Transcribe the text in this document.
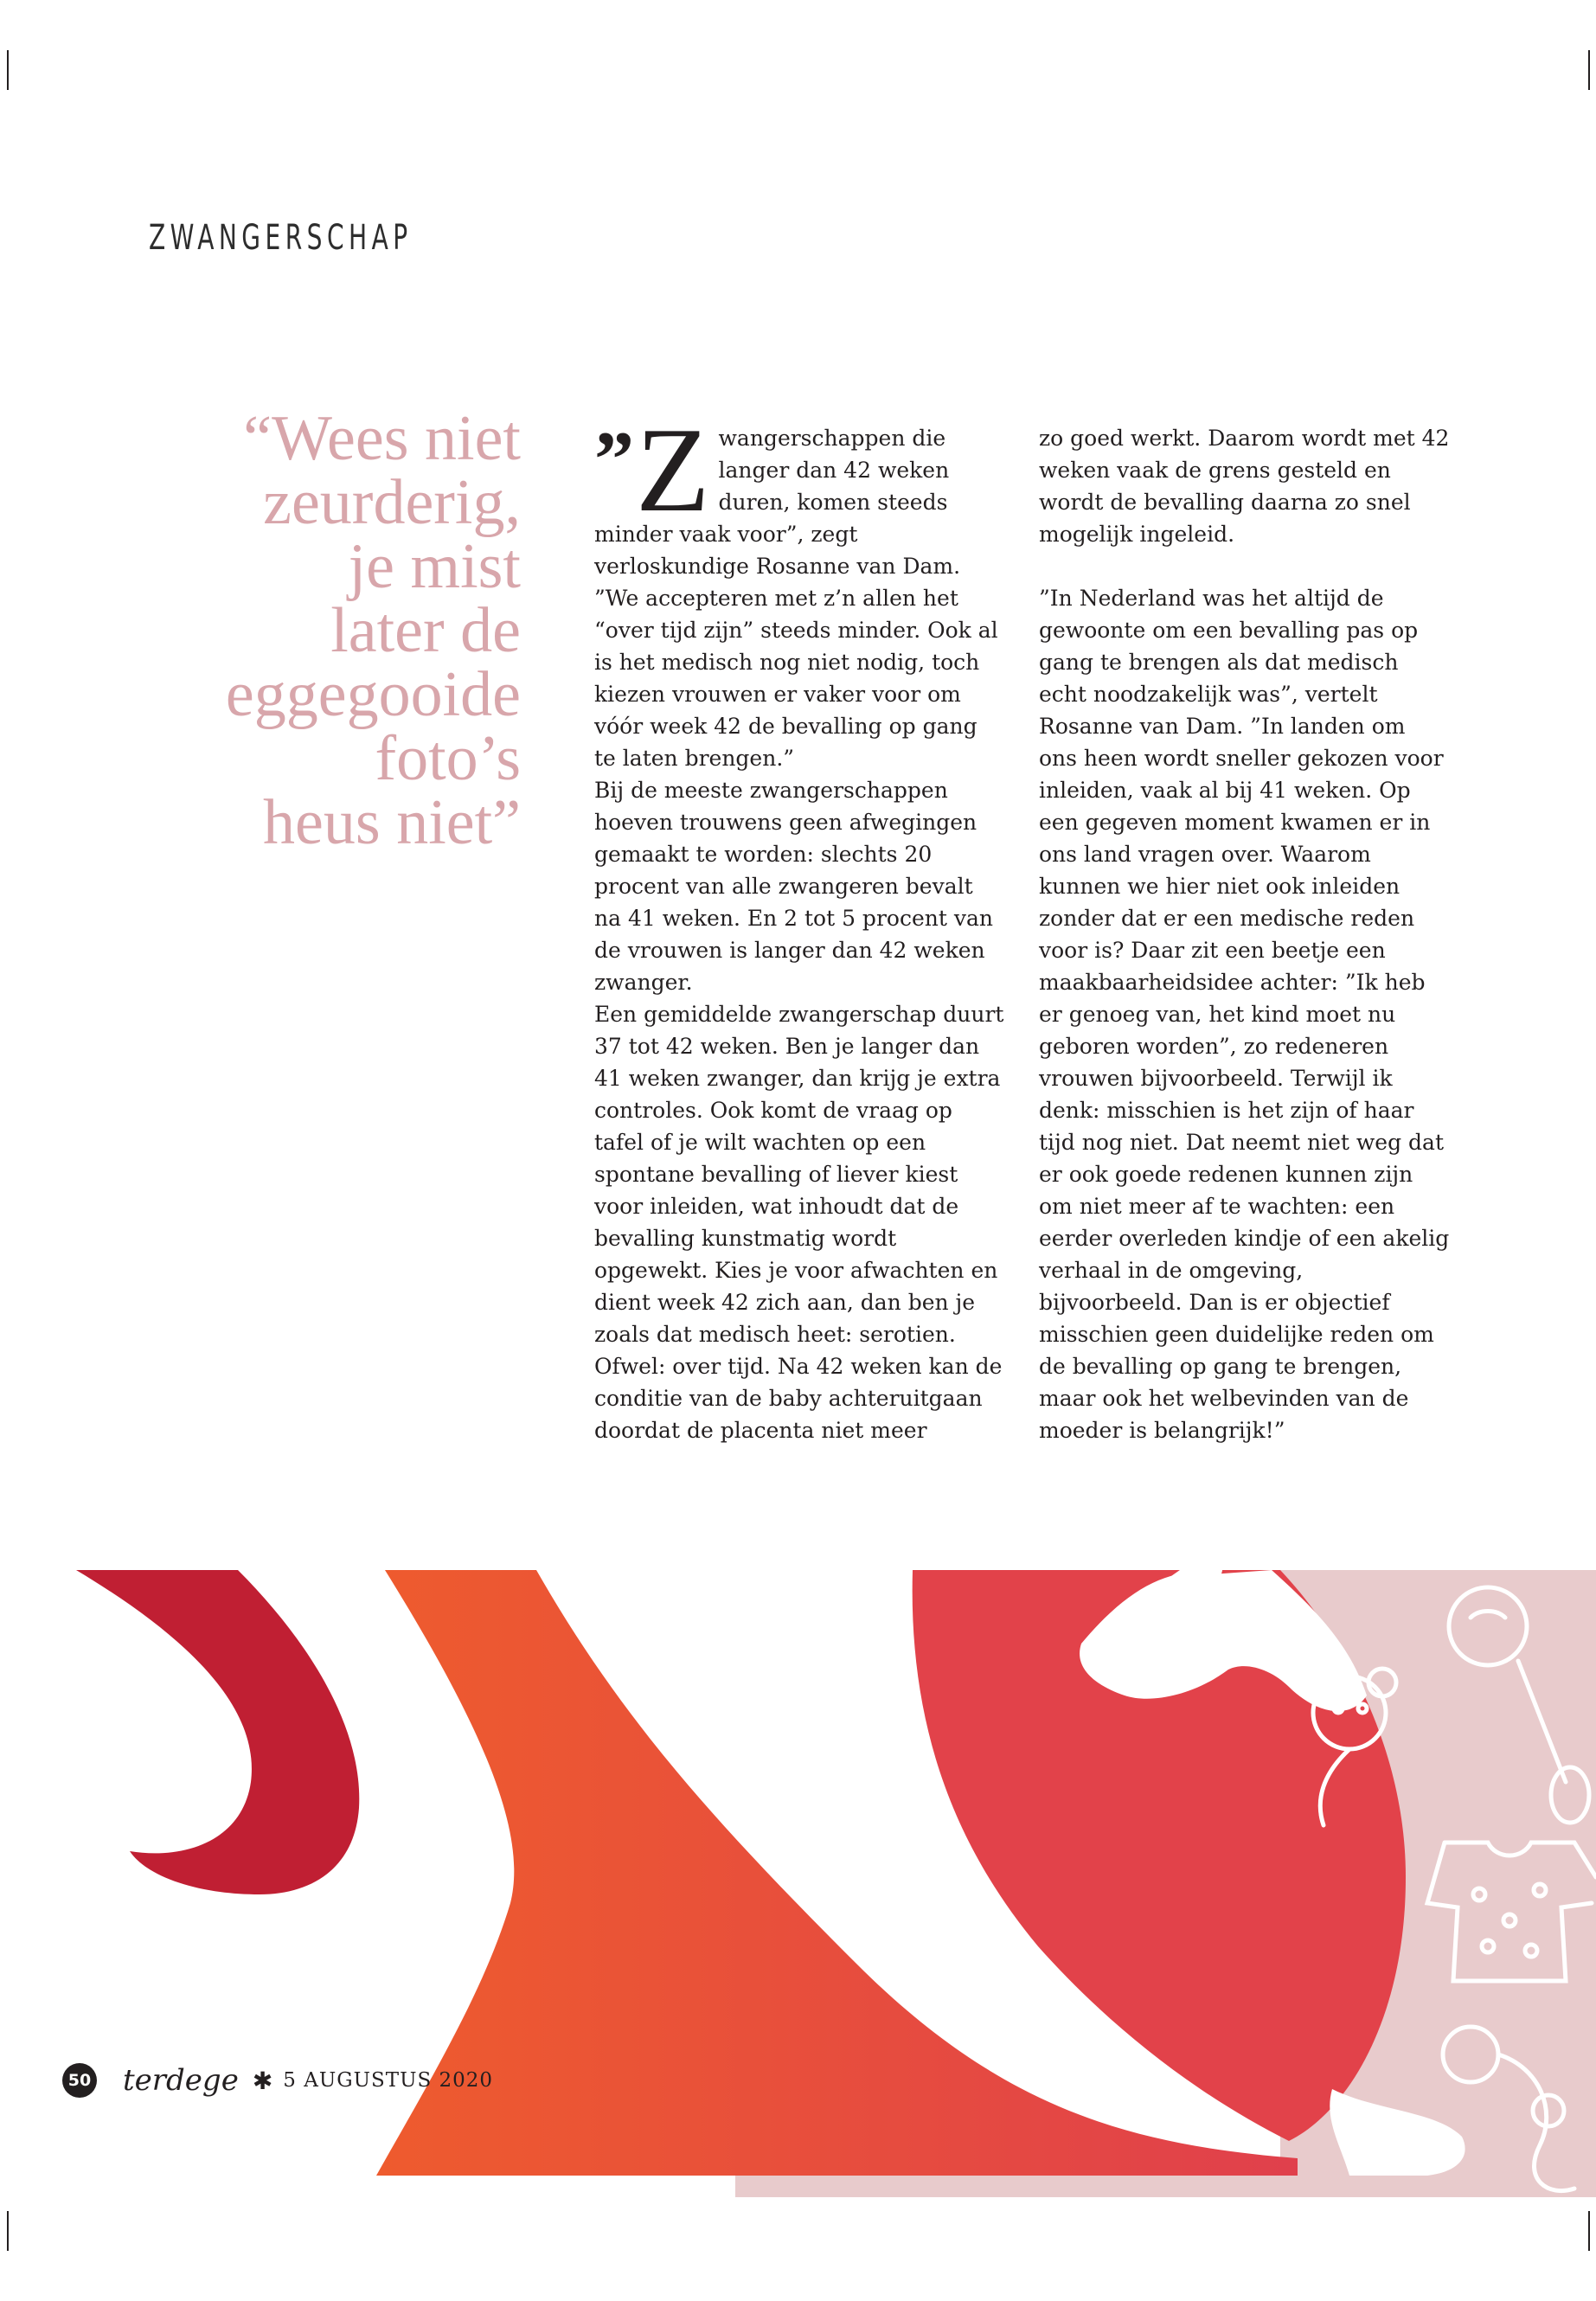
ZWANGERSCHAP
“Wees niet
zeurderig,
je mist
later de
eggegooide
foto’s
heus niet”
” Z wangerschappen die langer dan 42 weken duren, komen steeds minder vaak voor”, zegt verloskundige Rosanne van Dam. ”We accepteren met z’n allen het “over tijd zijn” steeds minder. Ook al is het medisch nog niet nodig, toch kiezen vrouwen er vaker voor om vóór week 42 de bevalling op gang te laten brengen.”

Bij de meeste zwangerschappen hoeven trouwens geen afwegingen gemaakt te worden: slechts 20 procent van alle zwangeren bevalt na 41 weken. En 2 tot 5 procent van de vrouwen is langer dan 42 weken zwanger.

Een gemiddelde zwangerschap duurt 37 tot 42 weken. Ben je langer dan 41 weken zwanger, dan krijg je extra controles. Ook komt de vraag op tafel of je wilt wachten op een spontane bevalling of liever kiest voor inleiden, wat inhoudt dat de bevalling kunstmatig wordt opgewekt. Kies je voor afwachten en dient week 42 zich aan, dan ben je zoals dat medisch heet: serotien. Ofwel: over tijd. Na 42 weken kan de conditie van de baby achteruitgaan doordat de placenta niet meer

zo goed werkt. Daarom wordt met 42 weken vaak de grens gesteld en wordt de bevalling daarna zo snel mogelijk ingeleid.

”In Nederland was het altijd de gewoonte om een bevalling pas op gang te brengen als dat medisch echt noodzakelijk was”, vertelt Rosanne van Dam. ”In landen om ons heen wordt sneller gekozen voor inleiden, vaak al bij 41 weken. Op een gegeven moment kwamen er in ons land vragen over. Waarom kunnen we hier niet ook inleiden zonder dat er een medische reden voor is? Daar zit een beetje een maakbaarheidsidee achter: ”Ik heb er genoeg van, het kind moet nu geboren worden”, zo redeneren vrouwen bijvoorbeeld. Terwijl ik denk: misschien is het zijn of haar tijd nog niet. Dat neemt niet weg dat er ook goede redenen kunnen zijn om niet meer af te wachten: een eerder overleden kindje of een akelig verhaal in de omgeving, bijvoorbeeld. Dan is er objectief misschien geen duidelijke reden om de bevalling op gang te brengen, maar ook het welbevinden van de moeder is belangrijk!”

50 terdege ✱ 5 AUGUSTUS 2020
